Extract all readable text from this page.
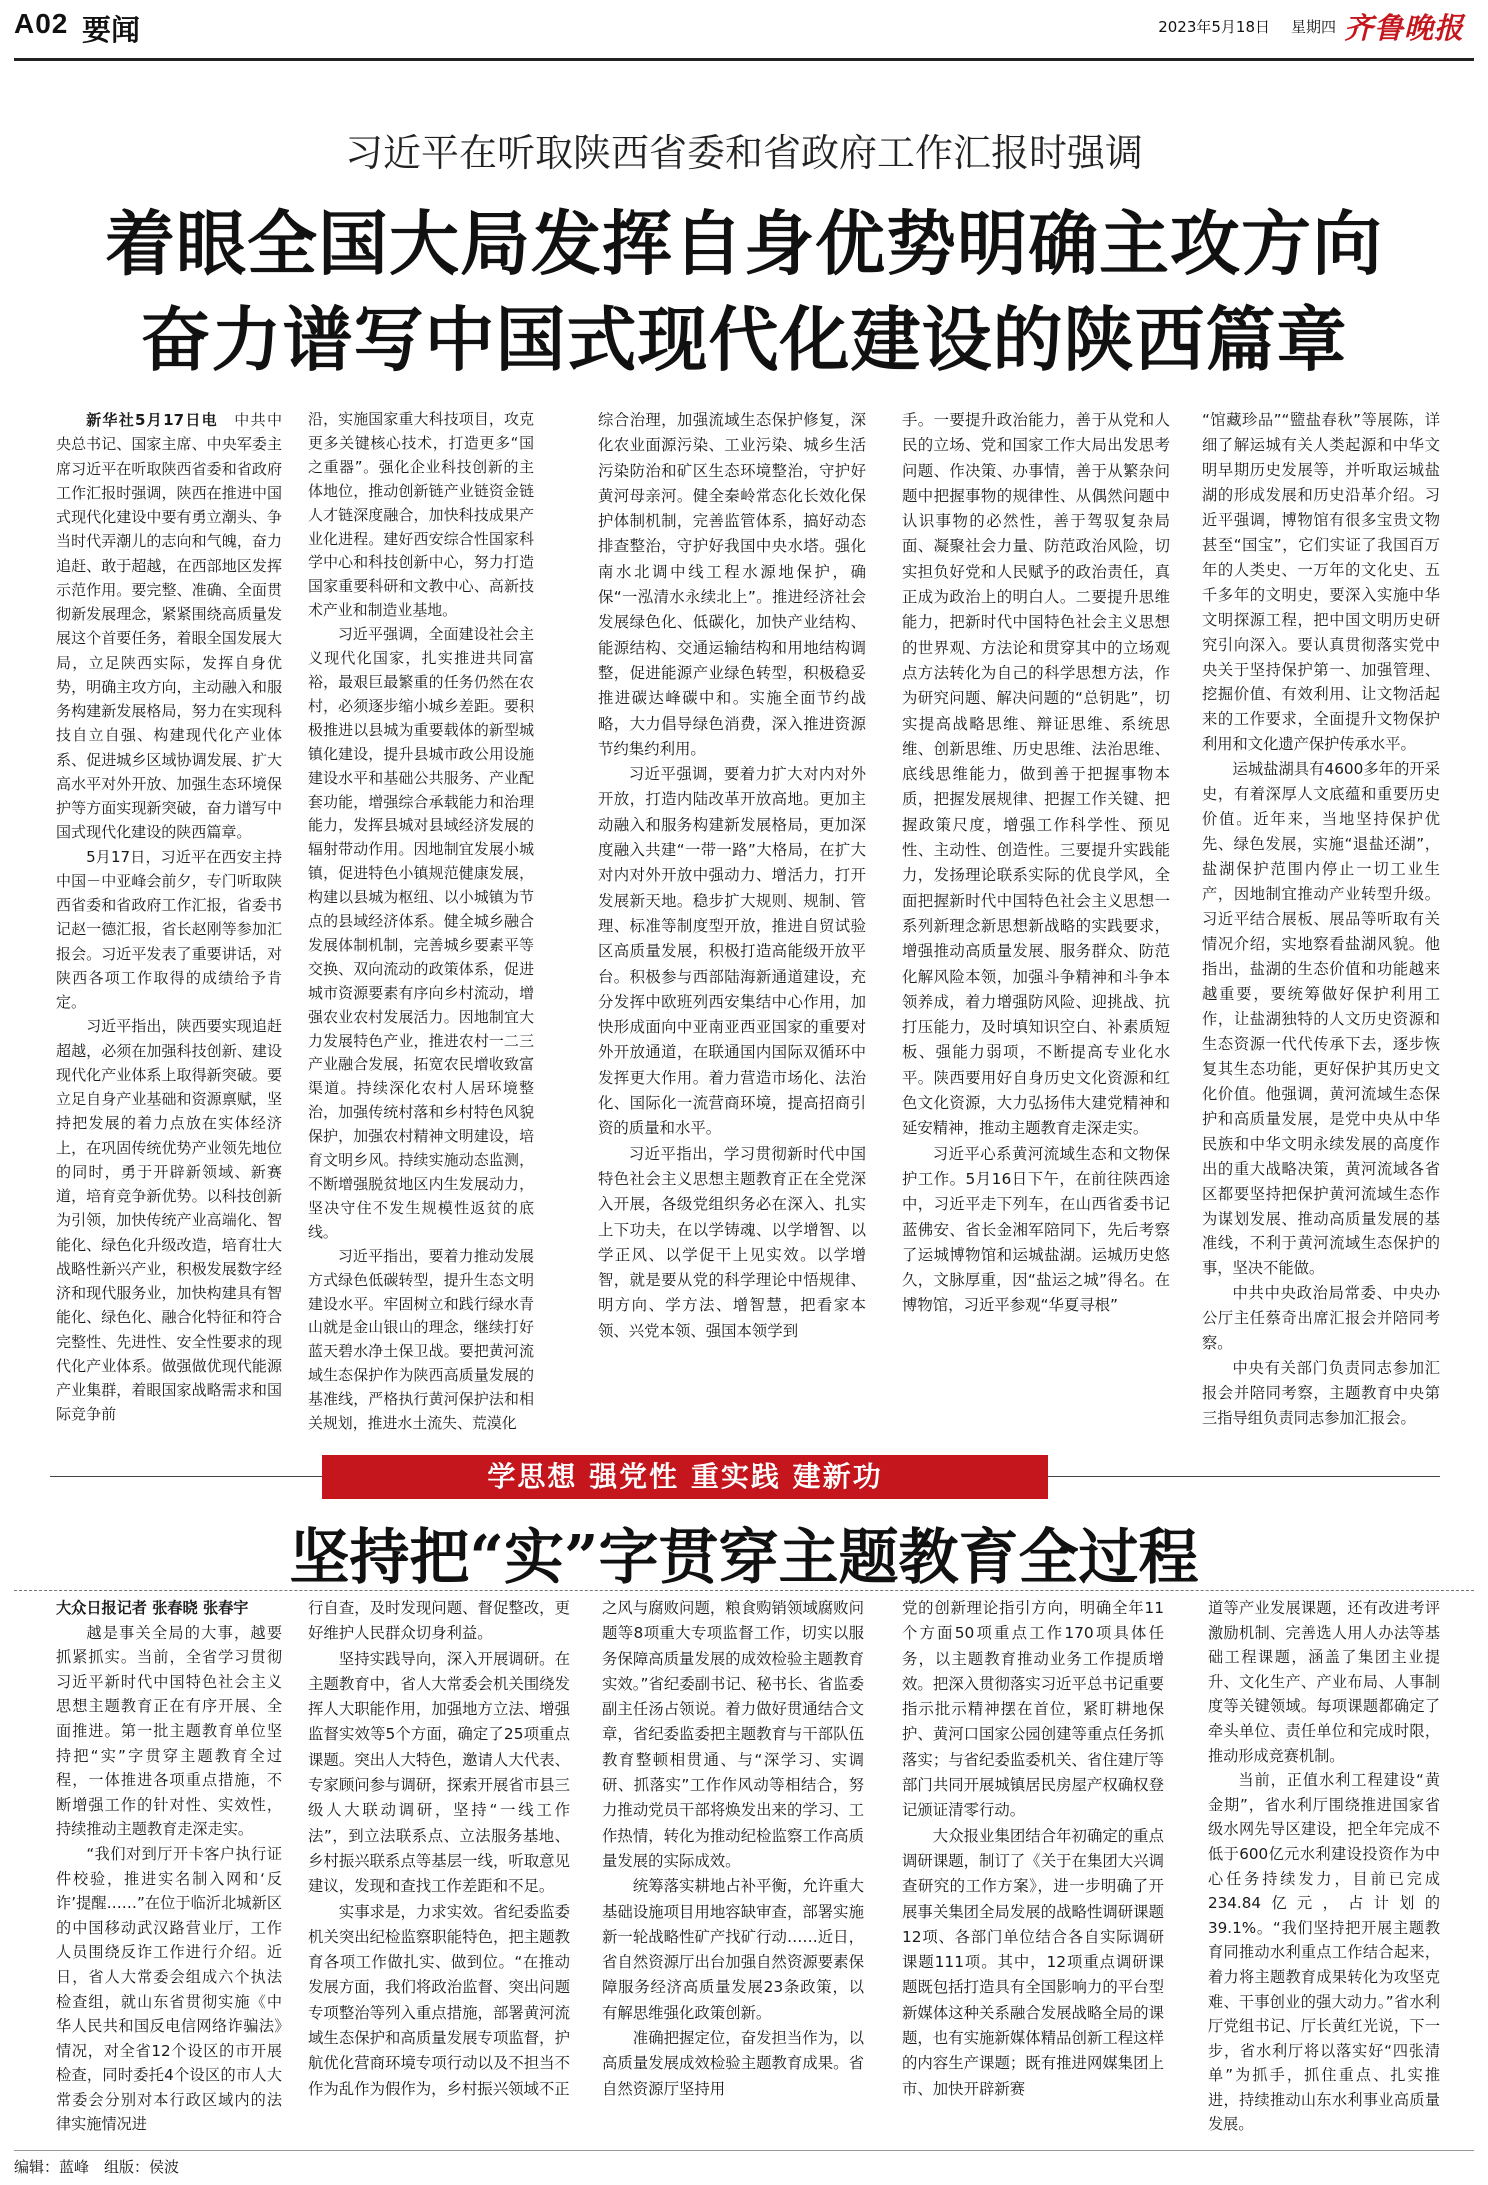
A02 要闻	2023年5月18日 星期四 齐鲁晚报
习近平在听取陕西省委和省政府工作汇报时强调
着眼全国大局发挥自身优势明确主攻方向
奋力谱写中国式现代化建设的陕西篇章

新华社5月17日电　中共中央总书记、国家主席、中央军委主席习近平在听取陕西省委和省政府工作汇报时强调，陕西在推进中国式现代化建设中要有勇立潮头、争当时代弄潮儿的志向和气魄，奋力追赶、敢于超越，在西部地区发挥示范作用。要完整、准确、全面贯彻新发展理念，紧紧围绕高质量发展这个首要任务，着眼全国发展大局，立足陕西实际，发挥自身优势，明确主攻方向，主动融入和服务构建新发展格局，努力在实现科技自立自强、构建现代化产业体系、促进城乡区域协调发展、扩大高水平对外开放、加强生态环境保护等方面实现新突破，奋力谱写中国式现代化建设的陕西篇章。

5月17日，习近平在西安主持中国－中亚峰会前夕，专门听取陕西省委和省政府工作汇报，省委书记赵一德汇报，省长赵刚等参加汇报会。习近平发表了重要讲话，对陕西各项工作取得的成绩给予肯定。

习近平指出，陕西要实现追赶超越，必须在加强科技创新、建设现代化产业体系上取得新突破。要立足自身产业基础和资源禀赋，坚持把发展的着力点放在实体经济上，在巩固传统优势产业领先地位的同时，勇于开辟新领域、新赛道，培育竞争新优势。以科技创新为引领，加快传统产业高端化、智能化、绿色化升级改造，培育壮大战略性新兴产业，积极发展数字经济和现代服务业，加快构建具有智能化、绿色化、融合化特征和符合完整性、先进性、安全性要求的现代化产业体系。做强做优现代能源产业集群，着眼国家战略需求和国际竞争前

沿，实施国家重大科技项目，攻克更多关键核心技术，打造更多“国之重器”。强化企业科技创新的主体地位，推动创新链产业链资金链人才链深度融合，加快科技成果产业化进程。建好西安综合性国家科学中心和科技创新中心，努力打造国家重要科研和文教中心、高新技术产业和制造业基地。

习近平强调，全面建设社会主义现代化国家，扎实推进共同富裕，最艰巨最繁重的任务仍然在农村，必须逐步缩小城乡差距。要积极推进以县城为重要载体的新型城镇化建设，提升县城市政公用设施建设水平和基础公共服务、产业配套功能，增强综合承载能力和治理能力，发挥县城对县域经济发展的辐射带动作用。因地制宜发展小城镇，促进特色小镇规范健康发展，构建以县城为枢纽、以小城镇为节点的县域经济体系。健全城乡融合发展体制机制，完善城乡要素平等交换、双向流动的政策体系，促进城市资源要素有序向乡村流动，增强农业农村发展活力。因地制宜大力发展特色产业，推进农村一二三产业融合发展，拓宽农民增收致富渠道。持续深化农村人居环境整治，加强传统村落和乡村特色风貌保护，加强农村精神文明建设，培育文明乡风。持续实施动态监测，不断增强脱贫地区内生发展动力，坚决守住不发生规模性返贫的底线。

习近平指出，要着力推动发展方式绿色低碳转型，提升生态文明建设水平。牢固树立和践行绿水青山就是金山银山的理念，继续打好蓝天碧水净土保卫战。要把黄河流域生态保护作为陕西高质量发展的基准线，严格执行黄河保护法和相关规划，推进水土流失、荒漠化

综合治理，加强流域生态保护修复，深化农业面源污染、工业污染、城乡生活污染防治和矿区生态环境整治，守护好黄河母亲河。健全秦岭常态化长效化保护体制机制，完善监管体系，搞好动态排查整治，守护好我国中央水塔。强化南水北调中线工程水源地保护，确保“一泓清水永续北上”。推进经济社会发展绿色化、低碳化，加快产业结构、能源结构、交通运输结构和用地结构调整，促进能源产业绿色转型，积极稳妥推进碳达峰碳中和。实施全面节约战略，大力倡导绿色消费，深入推进资源节约集约利用。

习近平强调，要着力扩大对内对外开放，打造内陆改革开放高地。更加主动融入和服务构建新发展格局，更加深度融入共建“一带一路”大格局，在扩大对内对外开放中强动力、增活力，打开发展新天地。稳步扩大规则、规制、管理、标准等制度型开放，推进自贸试验区高质量发展，积极打造高能级开放平台。积极参与西部陆海新通道建设，充分发挥中欧班列西安集结中心作用，加快形成面向中亚南亚西亚国家的重要对外开放通道，在联通国内国际双循环中发挥更大作用。着力营造市场化、法治化、国际化一流营商环境，提高招商引资的质量和水平。

习近平指出，学习贯彻新时代中国特色社会主义思想主题教育正在全党深入开展，各级党组织务必在深入、扎实上下功夫，在以学铸魂、以学增智、以学正风、以学促干上见实效。以学增智，就是要从党的科学理论中悟规律、明方向、学方法、增智慧，把看家本领、兴党本领、强国本领学到

手。一要提升政治能力，善于从党和人民的立场、党和国家工作大局出发思考问题、作决策、办事情，善于从繁杂问题中把握事物的规律性、从偶然问题中认识事物的必然性，善于驾驭复杂局面、凝聚社会力量、防范政治风险，切实担负好党和人民赋予的政治责任，真正成为政治上的明白人。二要提升思维能力，把新时代中国特色社会主义思想的世界观、方法论和贯穿其中的立场观点方法转化为自己的科学思想方法，作为研究问题、解决问题的“总钥匙”，切实提高战略思维、辩证思维、系统思维、创新思维、历史思维、法治思维、底线思维能力，做到善于把握事物本质，把握发展规律、把握工作关键、把握政策尺度，增强工作科学性、预见性、主动性、创造性。三要提升实践能力，发扬理论联系实际的优良学风，全面把握新时代中国特色社会主义思想一系列新理念新思想新战略的实践要求，增强推动高质量发展、服务群众、防范化解风险本领，加强斗争精神和斗争本领养成，着力增强防风险、迎挑战、抗打压能力，及时填知识空白、补素质短板、强能力弱项，不断提高专业化水平。陕西要用好自身历史文化资源和红色文化资源，大力弘扬伟大建党精神和延安精神，推动主题教育走深走实。

习近平心系黄河流域生态和文物保护工作。5月16日下午，在前往陕西途中，习近平走下列车，在山西省委书记蓝佛安、省长金湘军陪同下，先后考察了运城博物馆和运城盐湖。运城历史悠久，文脉厚重，因“盐运之城”得名。在博物馆，习近平参观“华夏寻根”

“馆藏珍品”“盬盐春秋”等展陈，详细了解运城有关人类起源和中华文明早期历史发展等，并听取运城盐湖的形成发展和历史沿革介绍。习近平强调，博物馆有很多宝贵文物甚至“国宝”，它们实证了我国百万年的人类史、一万年的文化史、五千多年的文明史，要深入实施中华文明探源工程，把中国文明历史研究引向深入。要认真贯彻落实党中央关于坚持保护第一、加强管理、挖掘价值、有效利用、让文物活起来的工作要求，全面提升文物保护利用和文化遗产保护传承水平。

运城盐湖具有4600多年的开采史，有着深厚人文底蕴和重要历史价值。近年来，当地坚持保护优先、绿色发展，实施“退盐还湖”，盐湖保护范围内停止一切工业生产，因地制宜推动产业转型升级。习近平结合展板、展品等听取有关情况介绍，实地察看盐湖风貌。他指出，盐湖的生态价值和功能越来越重要，要统筹做好保护利用工作，让盐湖独特的人文历史资源和生态资源一代代传承下去，逐步恢复其生态功能，更好保护其历史文化价值。他强调，黄河流域生态保护和高质量发展，是党中央从中华民族和中华文明永续发展的高度作出的重大战略决策，黄河流域各省区都要坚持把保护黄河流域生态作为谋划发展、推动高质量发展的基准线，不利于黄河流域生态保护的事，坚决不能做。

中共中央政治局常委、中央办公厅主任蔡奇出席汇报会并陪同考察。

中央有关部门负责同志参加汇报会并陪同考察，主题教育中央第三指导组负责同志参加汇报会。

学思想 强党性 重实践 建新功
坚持把“实”字贯穿主题教育全过程
大众日报记者 张春晓 张春宇

越是事关全局的大事，越要抓紧抓实。当前，全省学习贯彻习近平新时代中国特色社会主义思想主题教育正在有序开展、全面推进。第一批主题教育单位坚持把“实”字贯穿主题教育全过程，一体推进各项重点措施，不断增强工作的针对性、实效性，持续推动主题教育走深走实。

“我们对到厅开卡客户执行证件校验，推进实名制入网和‘反诈’提醒……”在位于临沂北城新区的中国移动武汉路营业厅，工作人员围绕反诈工作进行介绍。近日，省人大常委会组成六个执法检查组，就山东省贯彻实施《中华人民共和国反电信网络诈骗法》情况，对全省12个设区的市开展检查，同时委托4个设区的市人大常委会分别对本行政区域内的法律实施情况进

行自查，及时发现问题、督促整改，更好维护人民群众切身利益。

坚持实践导向，深入开展调研。在主题教育中，省人大常委会机关围绕发挥人大职能作用，加强地方立法、增强监督实效等5个方面，确定了25项重点课题。突出人大特色，邀请人大代表、专家顾问参与调研，探索开展省市县三级人大联动调研，坚持“一线工作法”，到立法联系点、立法服务基地、乡村振兴联系点等基层一线，听取意见建议，发现和查找工作差距和不足。

实事求是，力求实效。省纪委监委机关突出纪检监察职能特色，把主题教育各项工作做扎实、做到位。“在推动发展方面，我们将政治监督、突出问题专项整治等列入重点措施，部署黄河流域生态保护和高质量发展专项监督，护航优化营商环境专项行动以及不担当不作为乱作为假作为，乡村振兴领域不正

之风与腐败问题，粮食购销领域腐败问题等8项重大专项监督工作，切实以服务保障高质量发展的成效检验主题教育实效。”省纪委副书记、秘书长、省监委副主任汤占领说。着力做好贯通结合文章，省纪委监委把主题教育与干部队伍教育整顿相贯通、与“深学习、实调研、抓落实”工作作风动等相结合，努力推动党员干部将焕发出来的学习、工作热情，转化为推动纪检监察工作高质量发展的实际成效。

统筹落实耕地占补平衡，允许重大基础设施项目用地容缺审查，部署实施新一轮战略性矿产找矿行动……近日，省自然资源厅出台加强自然资源要素保障服务经济高质量发展23条政策，以有解思维强化政策创新。

准确把握定位，奋发担当作为，以高质量发展成效检验主题教育成果。省自然资源厅坚持用

党的创新理论指引方向，明确全年11个方面50项重点工作170项具体任务，以主题教育推动业务工作提质增效。把深入贯彻落实习近平总书记重要指示批示精神摆在首位，紧盯耕地保护、黄河口国家公园创建等重点任务抓落实；与省纪委监委机关、省住建厅等部门共同开展城镇居民房屋产权确权登记颁证清零行动。

大众报业集团结合年初确定的重点调研课题，制订了《关于在集团大兴调查研究的工作方案》，进一步明确了开展事关集团全局发展的战略性调研课题12项、各部门单位结合各自实际调研课题111项。其中，12项重点调研课题既包括打造具有全国影响力的平台型新媒体这种关系融合发展战略全局的课题，也有实施新媒体精品创新工程这样的内容生产课题；既有推进网媒集团上市、加快开辟新赛

道等产业发展课题，还有改进考评激励机制、完善选人用人办法等基础工程课题，涵盖了集团主业提升、文化生产、产业布局、人事制度等关键领域。每项课题都确定了牵头单位、责任单位和完成时限，推动形成竞赛机制。

当前，正值水利工程建设“黄金期”，省水利厅围绕推进国家省级水网先导区建设，把全年完成不低于600亿元水利建设投资作为中心任务持续发力，目前已完成234.84亿元，占计划的39.1%。“我们坚持把开展主题教育同推动水利重点工作结合起来，着力将主题教育成果转化为攻坚克难、干事创业的强大动力。”省水利厅党组书记、厅长黄红光说，下一步，省水利厅将以落实好“四张清单”为抓手，抓住重点、扎实推进，持续推动山东水利事业高质量发展。

编辑：蓝峰　组版：侯波
